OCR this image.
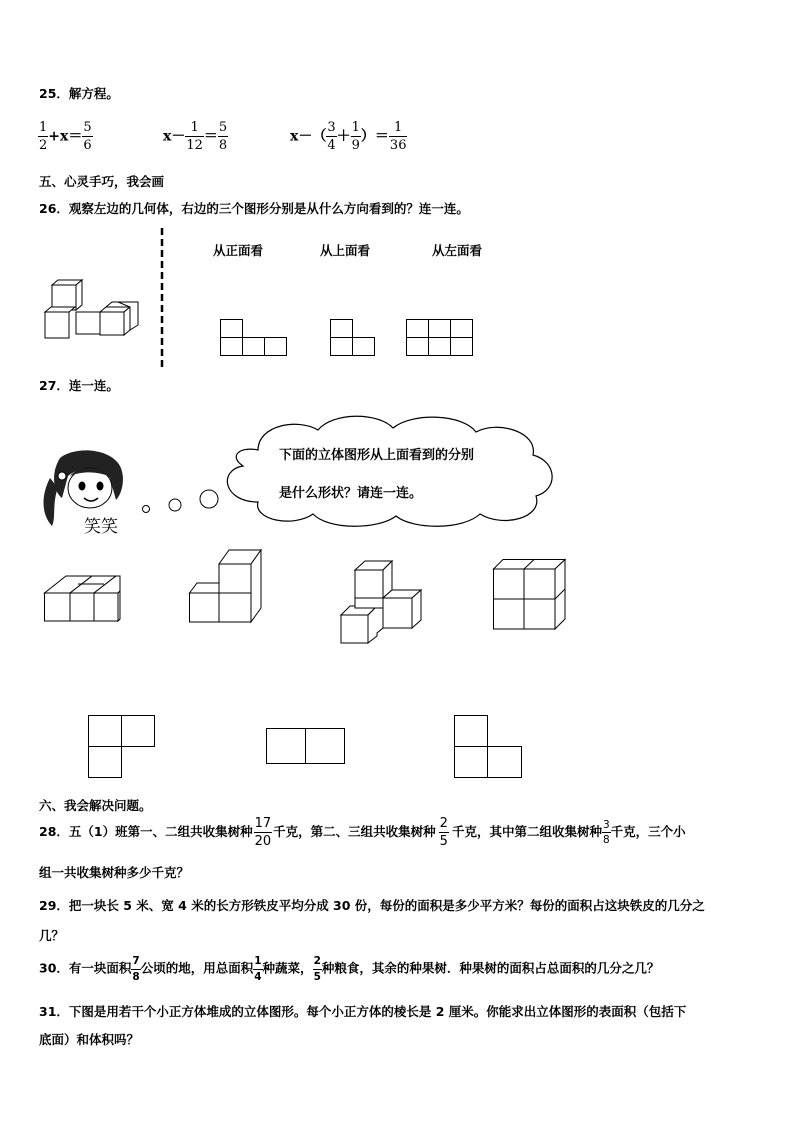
25．解方程。
$\frac{1}{2} +x= \frac{5}{6}$	$x- \frac{1}{12} = \frac{5}{8}$	$x-( \frac{3}{4} + \frac{1}{9}$ ）＝ $\frac{1}{36}$
五、心灵手巧，我会画
26．观察左边的几何体，右边的三个图形分别是从什么方向看到的？连一连。
从正面看	从上面看	从左面看
27．连一连。
笑笑
下面的立体图形从上面看到的分别
是什么形状？请连一连。
六、我会解决问题。
28．五（1）班第一、二组共收集树种 $\frac{17}{20}$ 千克，第二、三组共收集树种 $\frac{2}{5}$ 千克，其中第二组收集树种 $\frac{3}{8}$ 千克，三个小
组一共收集树种多少千克？
29．把一块长 5 米、宽 4 米的长方形铁皮平均分成 30 份，每份的面积是多少平方米？每份的面积占这块铁皮的几分之
几？
30．有一块面积 $\frac{7}{8}$ 公顷的地，用总面积 $\frac{1}{4}$ 种蔬菜， $\frac{2}{5}$ 种粮食，其余的种果树．种果树的面积占总面积的几分之几？
31．下图是用若干个小正方体堆成的立体图形。每个小正方体的棱长是 2 厘米。你能求出立体图形的表面积（包括下
底面）和体积吗？
